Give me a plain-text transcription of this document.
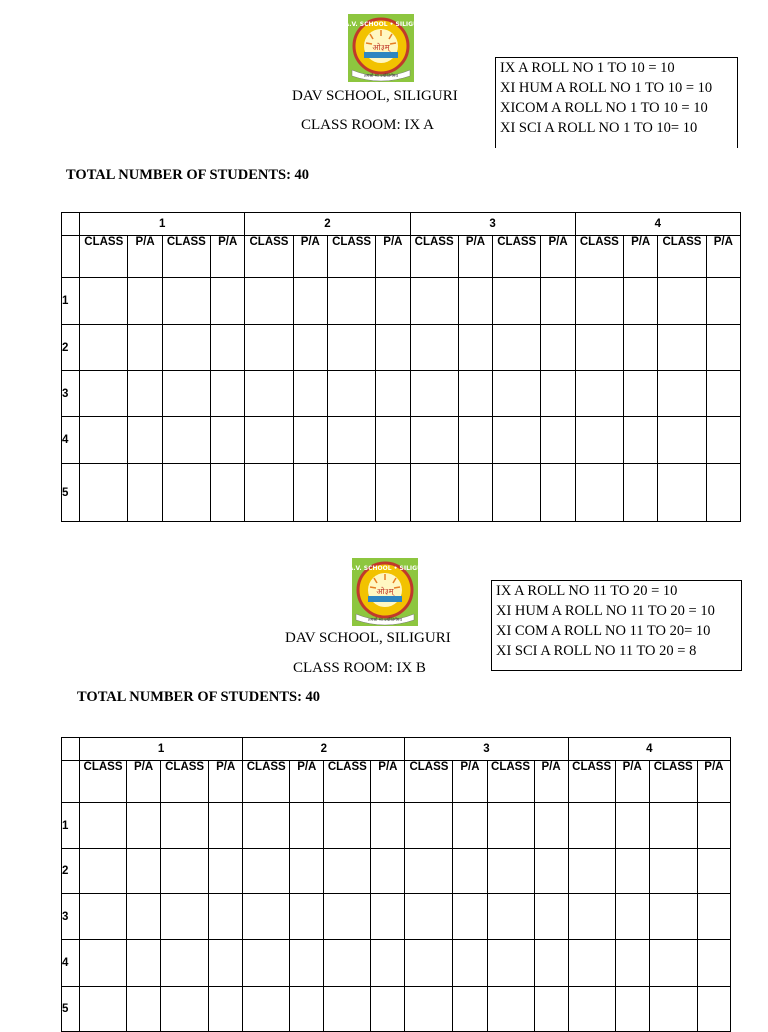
D.A.V. SCHOOL • SILIGURI
ओ३म्
तमसो मा ज्योतिर्गमय
DAV SCHOOL, SILIGURI
CLASS ROOM: IX A
IX A ROLL NO 1 TO 10 = 10
XI HUM A ROLL NO 1 TO 10 = 10
XICOM A ROLL NO 1 TO 10 = 10
XI SCI A ROLL NO 1 TO 10= 10
TOTAL NUMBER OF STUDENTS: 40
	1				2				3				4			
	CLASS	P/A	CLASS	P/A	CLASS	P/A	CLASS	P/A	CLASS	P/A	CLASS	P/A	CLASS	P/A	CLASS	P/A
1																
2																
3																
4																
5																
D.A.V. SCHOOL • SILIGURI
ओ३म्
तमसो मा ज्योतिर्गमय
DAV SCHOOL, SILIGURI
CLASS ROOM: IX B
IX A ROLL NO 11 TO 20 = 10
XI HUM A ROLL NO 11 TO 20 = 10
XI COM A ROLL NO 11 TO 20= 10
XI SCI A ROLL NO 11 TO 20 = 8
TOTAL NUMBER OF STUDENTS: 40
	1				2				3				4			
	CLASS	P/A	CLASS	P/A	CLASS	P/A	CLASS	P/A	CLASS	P/A	CLASS	P/A	CLASS	P/A	CLASS	P/A
1																
2																
3																
4																
5																
